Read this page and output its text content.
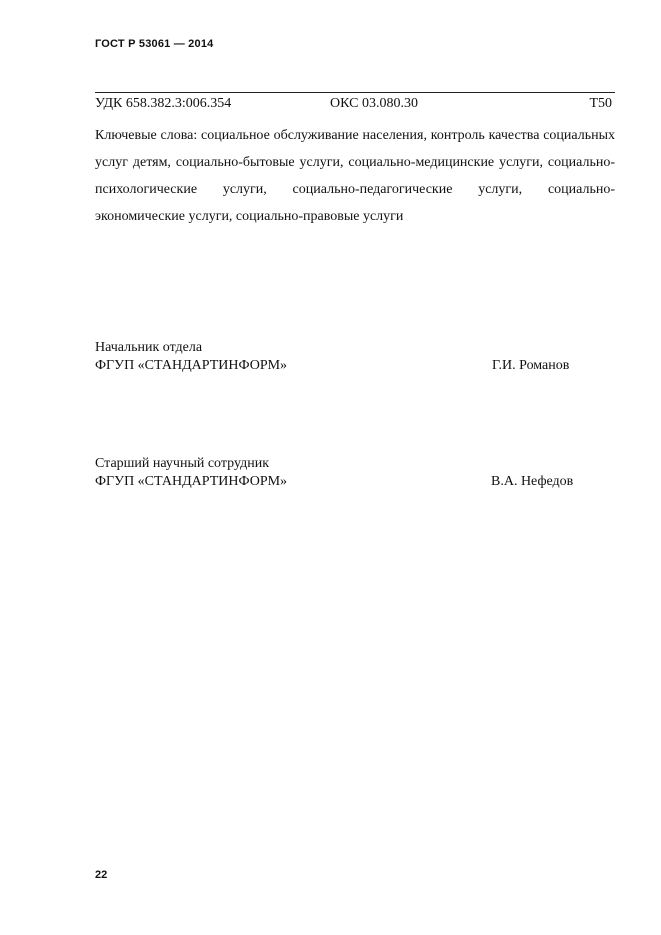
ГОСТ Р 53061 — 2014
УДК 658.382.3:006.354	ОКС 03.080.30	Т50

Ключевые слова: социальное обслуживание населения, контроль качества социальных услуг детям, социально-бытовые услуги, социально-медицинские услуги, социально-психологические услуги, социально-педагогические услуги, социально-экономические услуги, социально-правовые услуги

Начальник отдела
ФГУП «СТАНДАРТИНФОРМ»	Г.И. Романов
Старший научный сотрудник
ФГУП «СТАНДАРТИНФОРМ»	В.А. Нефедов
22
